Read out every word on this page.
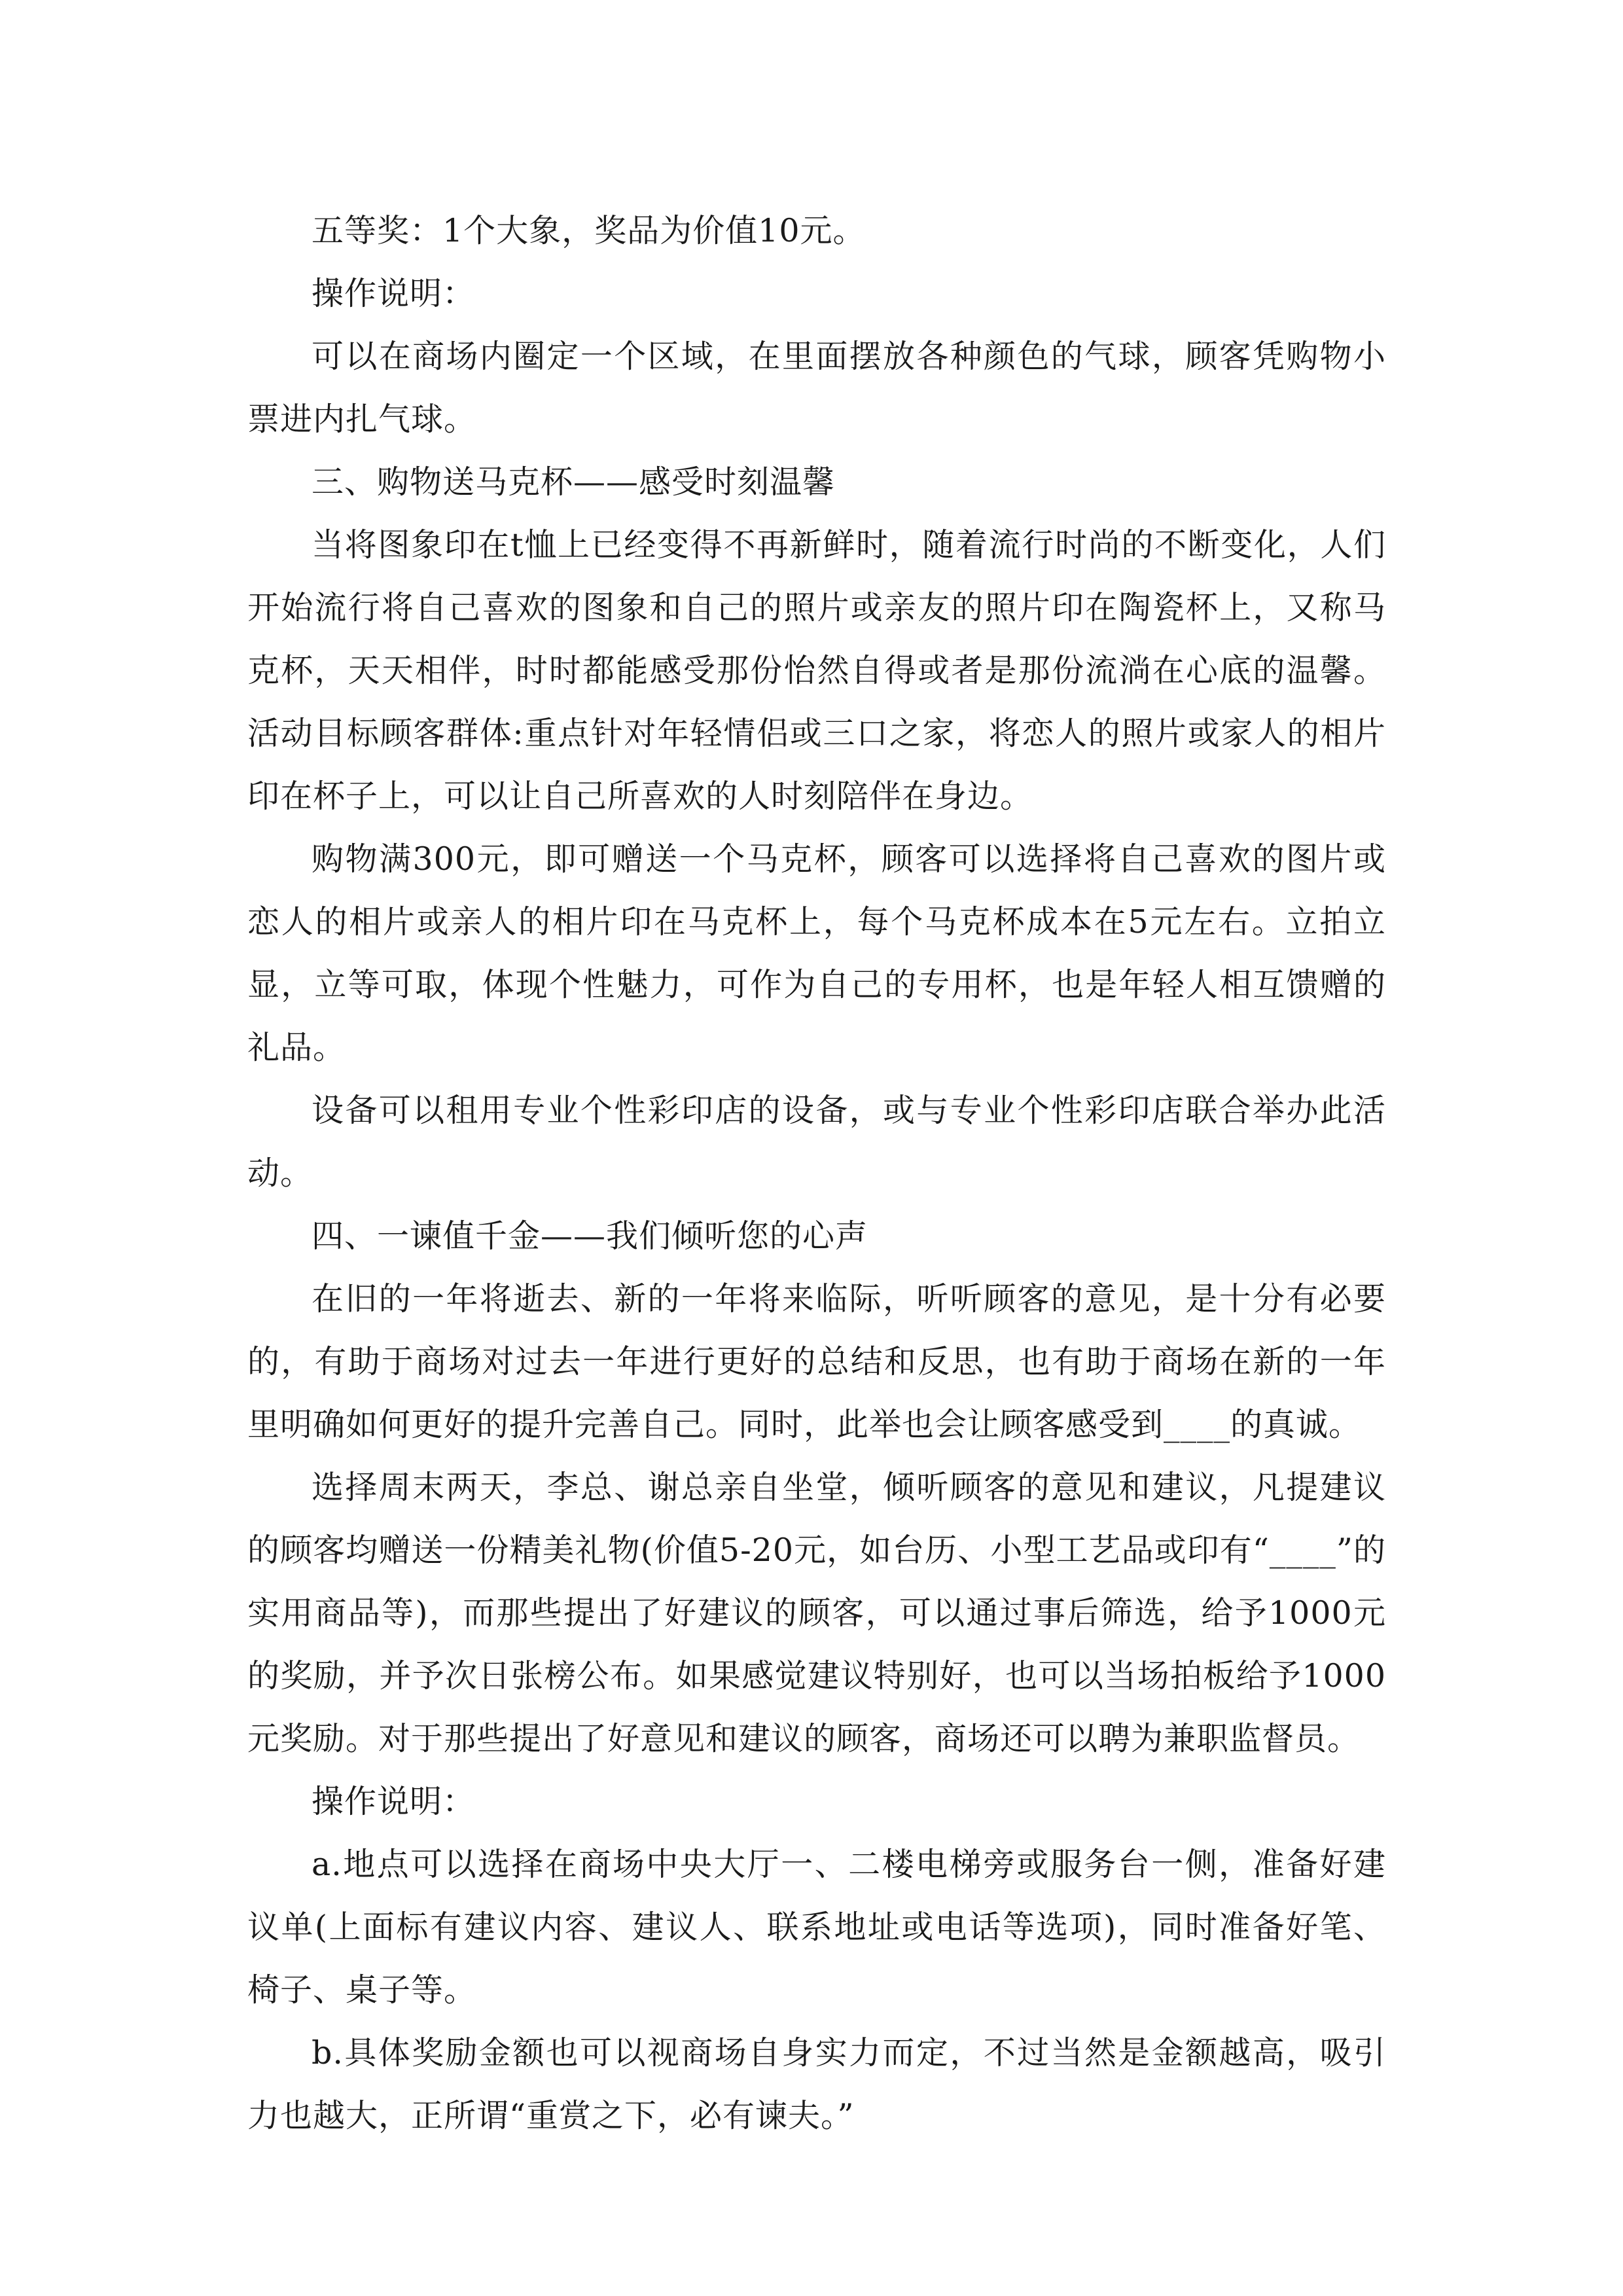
五等奖：1个大象，奖品为价值10元。

操作说明：

可以在商场内圈定一个区域，在里面摆放各种颜色的气球，顾客凭购物小票进内扎气球。

三、购物送马克杯——感受时刻温馨

当将图象印在t恤上已经变得不再新鲜时，随着流行时尚的不断变化，人们开始流行将自己喜欢的图象和自己的照片或亲友的照片印在陶瓷杯上，又称马克杯，天天相伴，时时都能感受那份怡然自得或者是那份流淌在心底的温馨。活动目标顾客群体:重点针对年轻情侣或三口之家，将恋人的照片或家人的相片印在杯子上，可以让自己所喜欢的人时刻陪伴在身边。

购物满300元，即可赠送一个马克杯，顾客可以选择将自己喜欢的图片或恋人的相片或亲人的相片印在马克杯上，每个马克杯成本在5元左右。立拍立显，立等可取，体现个性魅力，可作为自己的专用杯，也是年轻人相互馈赠的礼品。

设备可以租用专业个性彩印店的设备，或与专业个性彩印店联合举办此活动。

四、一谏值千金——我们倾听您的心声

在旧的一年将逝去、新的一年将来临际，听听顾客的意见，是十分有必要的，有助于商场对过去一年进行更好的总结和反思，也有助于商场在新的一年里明确如何更好的提升完善自己。同时，此举也会让顾客感受到____的真诚。

选择周末两天，李总、谢总亲自坐堂，倾听顾客的意见和建议，凡提建议的顾客均赠送一份精美礼物(价值5-20元，如台历、小型工艺品或印有“____”的实用商品等)，而那些提出了好建议的顾客，可以通过事后筛选，给予1000元的奖励，并予次日张榜公布。如果感觉建议特别好，也可以当场拍板给予1000元奖励。对于那些提出了好意见和建议的顾客，商场还可以聘为兼职监督员。

操作说明：

a.地点可以选择在商场中央大厅一、二楼电梯旁或服务台一侧，准备好建议单(上面标有建议内容、建议人、联系地址或电话等选项)，同时准备好笔、椅子、桌子等。

b.具体奖励金额也可以视商场自身实力而定，不过当然是金额越高，吸引力也越大，正所谓“重赏之下，必有谏夫。”
